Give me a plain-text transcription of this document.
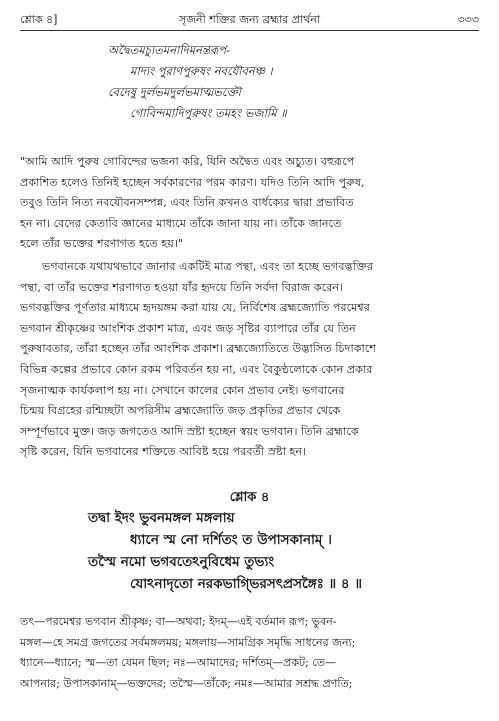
শ্লোক ৪]	সৃজনী শক্তির জন্য ব্রহ্মার প্রার্থনা	৩৩৩
অদ্বৈতমচ্যুতমনাদিমনন্তরূপ-
মাদ্যং পুরাণপুরুষং নবযৌবনঞ্চ ।
বেদেষু দুর্লভমদুর্লভমাত্মভক্তৌ
গোবিন্দমাদিপুরুষং তমহং ভজামি ॥
"আমি আদি পুরুষ গোবিন্দের ভজনা করি, যিনি অদ্বৈত এবং অচ্যুত। বহুরূপে
প্রকাশিত হলেও তিনিই হচ্ছেন সর্বকারণের পরম কারণ। যদিও তিনি আদি পুরুষ,
তবুও তিনি নিত্য নবযৌবনসম্পন্ন, এবং তিনি কখনও বার্ধক্যের দ্বারা প্রভাবিত
হন না। বেদের কেতাবি জ্ঞানের মাধ্যমে তাঁকে জানা যায় না। তাঁকে জানতে
হলে তাঁর ভক্তের শরণাগত হতে হয়।"
ভগবানকে যথাযথভাবে জানার একটিই মাত্র পন্থা, এবং তা হচ্ছে ভগবদ্ভক্তির
পন্থা, বা তাঁর ভক্তের শরণাগত হওয়া যাঁর হৃদয়ে তিনি সর্বদা বিরাজ করেন।
ভগবদ্ভক্তির পূর্ণতার মাধ্যমে হৃদয়ঙ্গম করা যায় যে, নির্বিশেষ ব্রহ্মজ্যোতি পরমেশ্বর
ভগবান শ্রীকৃষ্ণের আংশিক প্রকাশ মাত্র, এবং জড় সৃষ্টির ব্যাপারে তাঁর যে তিন
পুরুষাবতার, তাঁরা হচ্ছেন তাঁর আংশিক প্রকাশ। ব্রহ্মজ্যোতিতে উদ্ভাসিত চিদাকাশে
বিভিন্ন কল্পের প্রভাবে কোন রকম পরিবর্তন হয় না, এবং বৈকুণ্ঠলোকে কোন প্রকার
সৃজনাত্মক কার্যকলাপ হয় না। সেখানে কালের কোন প্রভাব নেই। ভগবানের
চিন্ময় বিগ্রহের রশ্মিচ্ছটা অপরিসীম ব্রহ্মজ্যোতি জড় প্রকৃতির প্রভাব থেকে
সম্পূর্ণভাবে মুক্ত। জড় জগতেও আদি স্রষ্টা হচ্ছেন স্বয়ং ভগবান। তিনি ব্রহ্মাকে
সৃষ্টি করেন, যিনি ভগবানের শক্তিতে আবিষ্ট হয়ে পরবর্তী স্রষ্টা হন।
শ্লোক ৪
তদ্বা ইদং ভুবনমঙ্গল মঙ্গলায়
ধ্যানে স্ম নো দর্শিতং ত উপাসকানাম্ ।
তস্মৈ নমো ভগবতেঽনুবিধেম তুভ্যং
যোঽনাদৃতো নরকভাগ্ভিরসৎপ্রসঙ্গৈঃ ॥ ৪ ॥
তৎ—পরমেশ্বর ভগবান শ্রীকৃষ্ণ; বা—অথবা; ইদম্—এই বর্তমান রূপ; ভুবন-
মঙ্গল—হে সমগ্র জগতের সর্বমঙ্গলময়; মঙ্গলায়—সামগ্রিক সমৃদ্ধি সাধনের জন্য;
ধ্যানে—ধ্যানে; স্ম—তা যেমন ছিল; নঃ—আমাদের; দর্শিতম্—প্রকট; তে—
আপনার; উপাসকানাম্—ভক্তদের; তস্মৈ—তাঁকে; নমঃ—আমার সশ্রদ্ধ প্রণতি;
